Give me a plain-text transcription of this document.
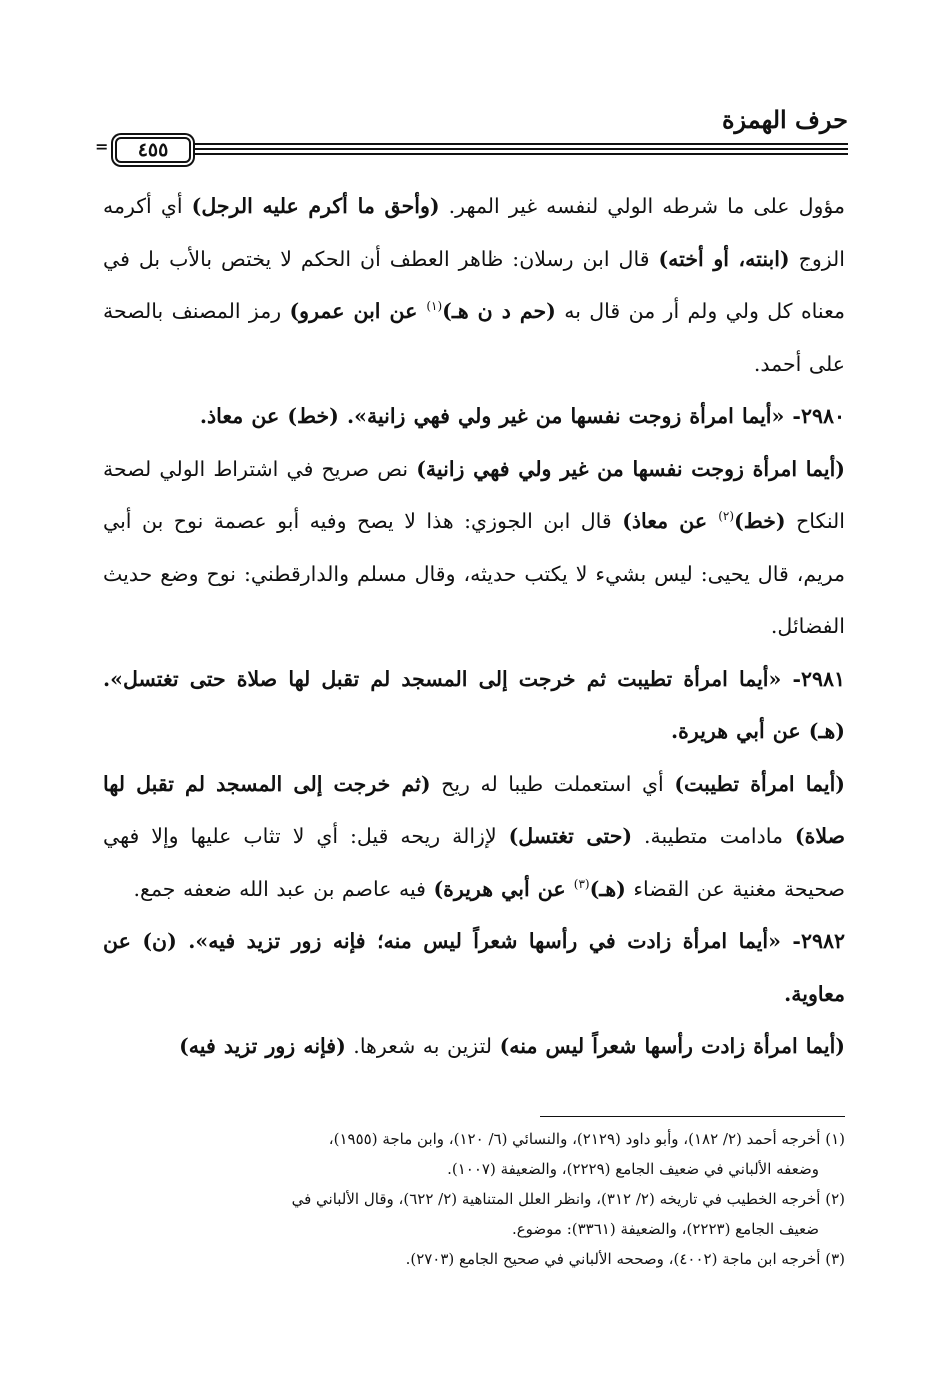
حرف الهمزة
=	٤٥٥

مؤول على ما شرطه الولي لنفسه غير المهر. (وأحق ما أكرم عليه الرجل) أي أكرمه الزوج (ابنته، أو أخته) قال ابن رسلان: ظاهر العطف أن الحكم لا يختص بالأب بل في معناه كل ولي ولم أر من قال به (حم د ن هـ)$^{(١)}$ عن ابن عمرو) رمز المصنف بالصحة على أحمد.

٢٩٨٠- «أيما امرأة زوجت نفسها من غير ولي فهي زانية». (خط) عن معاذ.

(أيما امرأة زوجت نفسها من غير ولي فهي زانية) نص صريح في اشتراط الولي لصحة النكاح (خط)$^{(٢)}$ عن معاذ) قال ابن الجوزي: هذا لا يصح وفيه أبو عصمة نوح بن أبي مريم، قال يحيى: ليس بشيء لا يكتب حديثه، وقال مسلم والدارقطني: نوح وضع حديث الفضائل.

٢٩٨١- «أيما امرأة تطيبت ثم خرجت إلى المسجد لم تقبل لها صلاة حتى تغتسل». (هـ) عن أبي هريرة.

(أيما امرأة تطيبت) أي استعملت طيبا له ريح (ثم خرجت إلى المسجد لم تقبل لها صلاة) مادامت متطيبة. (حتى تغتسل) لإزالة ريحه قيل: أي لا تثاب عليها وإلا فهي صحيحة مغنية عن القضاء (هـ)$^{(٣)}$ عن أبي هريرة) فيه عاصم بن عبد الله ضعفه جمع.

٢٩٨٢- «أيما امرأة زادت في رأسها شعراً ليس منه؛ فإنه زور تزيد فيه». (ن) عن معاوية.

(أيما امرأة زادت رأسها شعراً ليس منه) لتزين به شعرها. (فإنه زور تزيد فيه)

(١) أخرجه أحمد (٢/ ١٨٢)، وأبو داود (٢١٢٩)، والنسائي (٦/ ١٢٠)، وابن ماجة (١٩٥٥)،

وضعفه الألباني في ضعيف الجامع (٢٢٢٩)، والضعيفة (١٠٠٧).

(٢) أخرجه الخطيب في تاريخه (٢/ ٣١٢)، وانظر العلل المتناهية (٢/ ٦٢٢)، وقال الألباني في

ضعيف الجامع (٢٢٢٣)، والضعيفة (٣٣٦١): موضوع.

(٣) أخرجه ابن ماجة (٤٠٠٢)، وصححه الألباني في صحيح الجامع (٢٧٠٣).
